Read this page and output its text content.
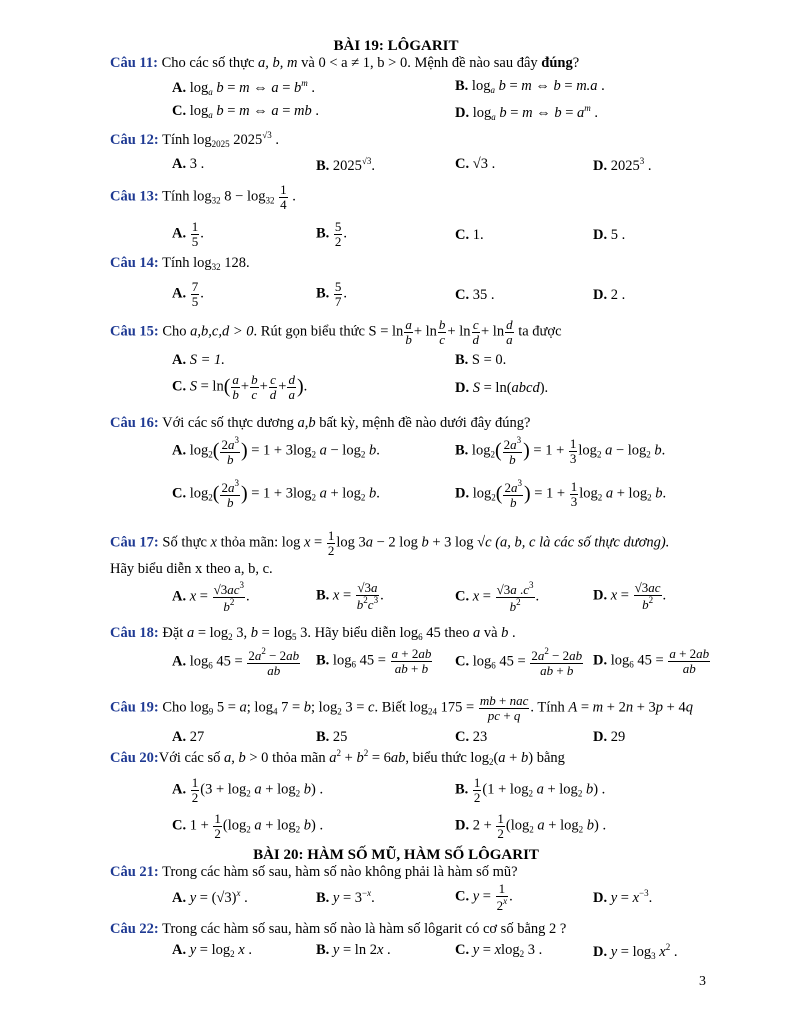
BÀI 19: LÔGARIT
Câu 11: Cho các số thực a, b, m và 0 < a ≠ 1, b > 0. Mệnh đề nào sau đây đúng?
A. $\log_a b = m$ ⇔ $a = b^m$ .	B. $\log_a b = m$ ⇔ b = m.a .
C. $\log_a b = m$ ⇔ a = mb .	D. $\log_a b = m$ ⇔ $b = a^m$ .
Câu 12: Tính $\log_{2025} 2025^{√3}$ .
A. 3 .	B. $2025^{√3}$.	C. √3 .	D. 2025$^3$ .
Câu 13: Tính $\log_{32} 8 - \log_{32} \frac{1}{4}$ .
A. $\frac{1}{5}$ .	B. $\frac{5}{2}$ .	C. 1.	D. 5 .
Câu 14: Tính $\log_{32} 128$.
A. $\frac{7}{5}$ .	B. $\frac{5}{7}$ .	C. 35 .	D. 2 .
Câu 15: Cho a,b,c,d > 0. Rút gọn biểu thức $S = \ln \frac{a}{b} + \ln \frac{b}{c} + \ln \frac{c}{d} + \ln \frac{d}{a}$ ta được
A. S = 1.	B. S = 0.
C. $S = \ln( \frac{a}{b} + \frac{b}{c} + \frac{c}{d} + \frac{d}{a}$ ).	D. S = ln(abcd).
Câu 16: Với các số thực dương a,b bất kỳ, mệnh đề nào dưới đây đúng?
A. $\log_2( \frac{2a^3}{b}$ ) = $1 + 3\log_2$ $a - \log_2 b$.	B. $\log_2( \frac{2a^3}{b}$ ) = $1 + \frac{1}{3} \log_2 a - \log_2 b$.
C. $\log_2( \frac{2a^3}{b}$ ) = $1 + 3\log_2$ $a + \log_2 b$.	D. $\log_2( \frac{2a^3}{b}$ ) = $1 + \frac{1}{3} \log_2 a + \log_2 b$.
Câu 17: Số thực x thỏa mãn: $\log x = \frac{1}{2}$ log 3a − 2 log b + 3 log √c (a, b, c là các số thực dương).
Hãy biểu diễn x theo a, b, c.
A. $x = \frac{√3ac^3}{b^2}$ .	B. $x = \frac{√3a}{b^2c^3}$ .	C. $x = \frac{√3a .c^3}{b^2}$ .	D. $x = \frac{√3ac}{b^2}$ .
Câu 18: Đặt $a = \log_2 3$, $b = \log_5 3$. Hãy biểu diễn $\log_6 45$ theo a và b .
A. $\log_6 45 = \frac{2a^2 - 2ab}{ab} B$. $\log_6 45 = \frac{a + 2ab}{ab + b} C$. $\log_6 45 = \frac{2a^2 - 2ab}{ab + b} D$. $\log_6 45 = \frac{a + 2ab}{ab}$
Câu 19: Cho $\log_9 5 = a$; $\log_4 7 = b$; $\log_2 3 = c$. Biết $\log_{24} 175 = \frac{\text{mb + nac}}{pc + q}$ . Tính A = m + 2n + 3p + 4q
A. 27	B. 25	C. 23	D. 29
Câu 20:Với các số a, b > 0 thỏa mãn $a^2 + b^2 = 6ab$, biểu thức $\log_2(a + b)$ bằng
A. $\frac{1}{2} (3 + \log_2 a + \log_2 b)$ .	B. $\frac{1}{2} (1 + \log_2 a + \log_2 b)$ .
C. $1 + \frac{1}{2} (\log_2$ $a + \log_2 b$) .	D. $2 + \frac{1}{2} (\log_2$ $a + \log_2 b$) .
BÀI 20: HÀM SỐ MŨ, HÀM SỐ LÔGARIT
Câu 21: Trong các hàm số sau, hàm số nào không phải là hàm số mũ?
A. $y = (√3)^x$ .	B. $y = 3^{-x}$.	C. $y = \frac{1}{2^x}$ .	D. $y = x^{-3}$.
Câu 22: Trong các hàm số sau, hàm số nào là hàm số lôgarit có cơ số bằng 2 ?
A. $y = \log_2 x$ .	B. y = ln 2x .	C. y = xlog$_2$ 3 .	D. $y = \log_3 x^2$ .
3
